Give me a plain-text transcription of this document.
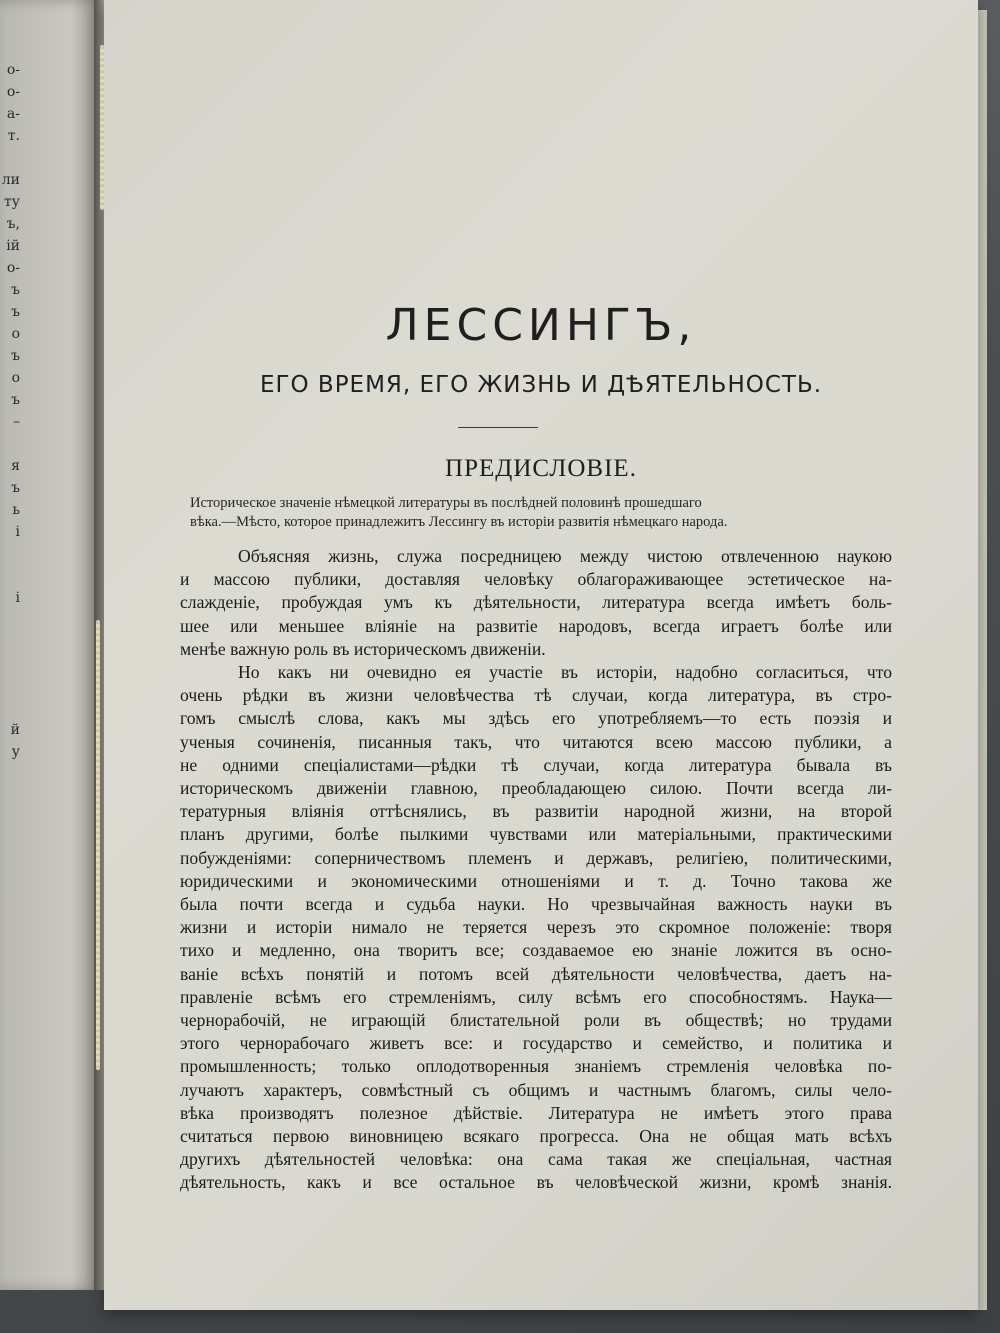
о-
о-
а-
т.
ли
ту
ъ,
ій
о-
ъ
ъ
о
ъ
о
ъ
–
я
ъ
ь
і
і
й
у
ЛЕССИНГЪ,
ЕГО ВРЕМЯ, ЕГО ЖИЗНЬ И ДѢЯТЕЛЬНОСТЬ.
ПРЕДИСЛОВІЕ.
Историческое значеніе нѣмецкой литературы въ послѣдней половинѣ прошедшаго
вѣка.—Мѣсто, которое принадлежитъ Лессингу въ исторіи развитія нѣмецкаго народа.
Объясняя жизнь, служа посредницею между чистою отвлеченною наукою
и массою публики, доставляя человѣку облагораживающее эстетическое на-
слажденіе, пробуждая умъ къ дѣятельности, литература всегда имѣетъ боль-
шее или меньшее вліяніе на развитіе народовъ, всегда играетъ болѣе или
менѣе важную роль въ историческомъ движеніи.
Но какъ ни очевидно ея участіе въ исторіи, надобно согласиться, что
очень рѣдки въ жизни человѣчества тѣ случаи, когда литература, въ стро-
гомъ смыслѣ слова, какъ мы здѣсь его употребляемъ—то есть поэзія и
ученыя сочиненія, писанныя такъ, что читаются всею массою публики, а
не одними спеціалистами—рѣдки тѣ случаи, когда литература бывала въ
историческомъ движеніи главною, преобладающею силою. Почти всегда ли-
тературныя вліянія оттѣснялись, въ развитіи народной жизни, на второй
планъ другими, болѣе пылкими чувствами или матеріальными, практическими
побужденіями: соперничествомъ племенъ и державъ, религіею, политическими,
юридическими и экономическими отношеніями и т. д. Точно такова же
была почти всегда и судьба науки. Но чрезвычайная важность науки въ
жизни и исторіи нимало не теряется черезъ это скромное положеніе: творя
тихо и медленно, она творитъ все; создаваемое ею знаніе ложится въ осно-
ваніе всѣхъ понятій и потомъ всей дѣятельности человѣчества, даетъ на-
правленіе всѣмъ его стремленіямъ, силу всѣмъ его способностямъ. Наука—
чернорабочій, не играющій блистательной роли въ обществѣ; но трудами
этого чернорабочаго живетъ все: и государство и семейство, и политика и
промышленность; только оплодотворенныя знаніемъ стремленія человѣка по-
лучаютъ характеръ, совмѣстный съ общимъ и частнымъ благомъ, силы чело-
вѣка производятъ полезное дѣйствіе. Литература не имѣетъ этого права
считаться первою виновницею всякаго прогресса. Она не общая мать всѣхъ
другихъ дѣятельностей человѣка: она сама такая же спеціальная, частная
дѣятельность, какъ и все остальное въ человѣческой жизни, кромѣ знанія.
